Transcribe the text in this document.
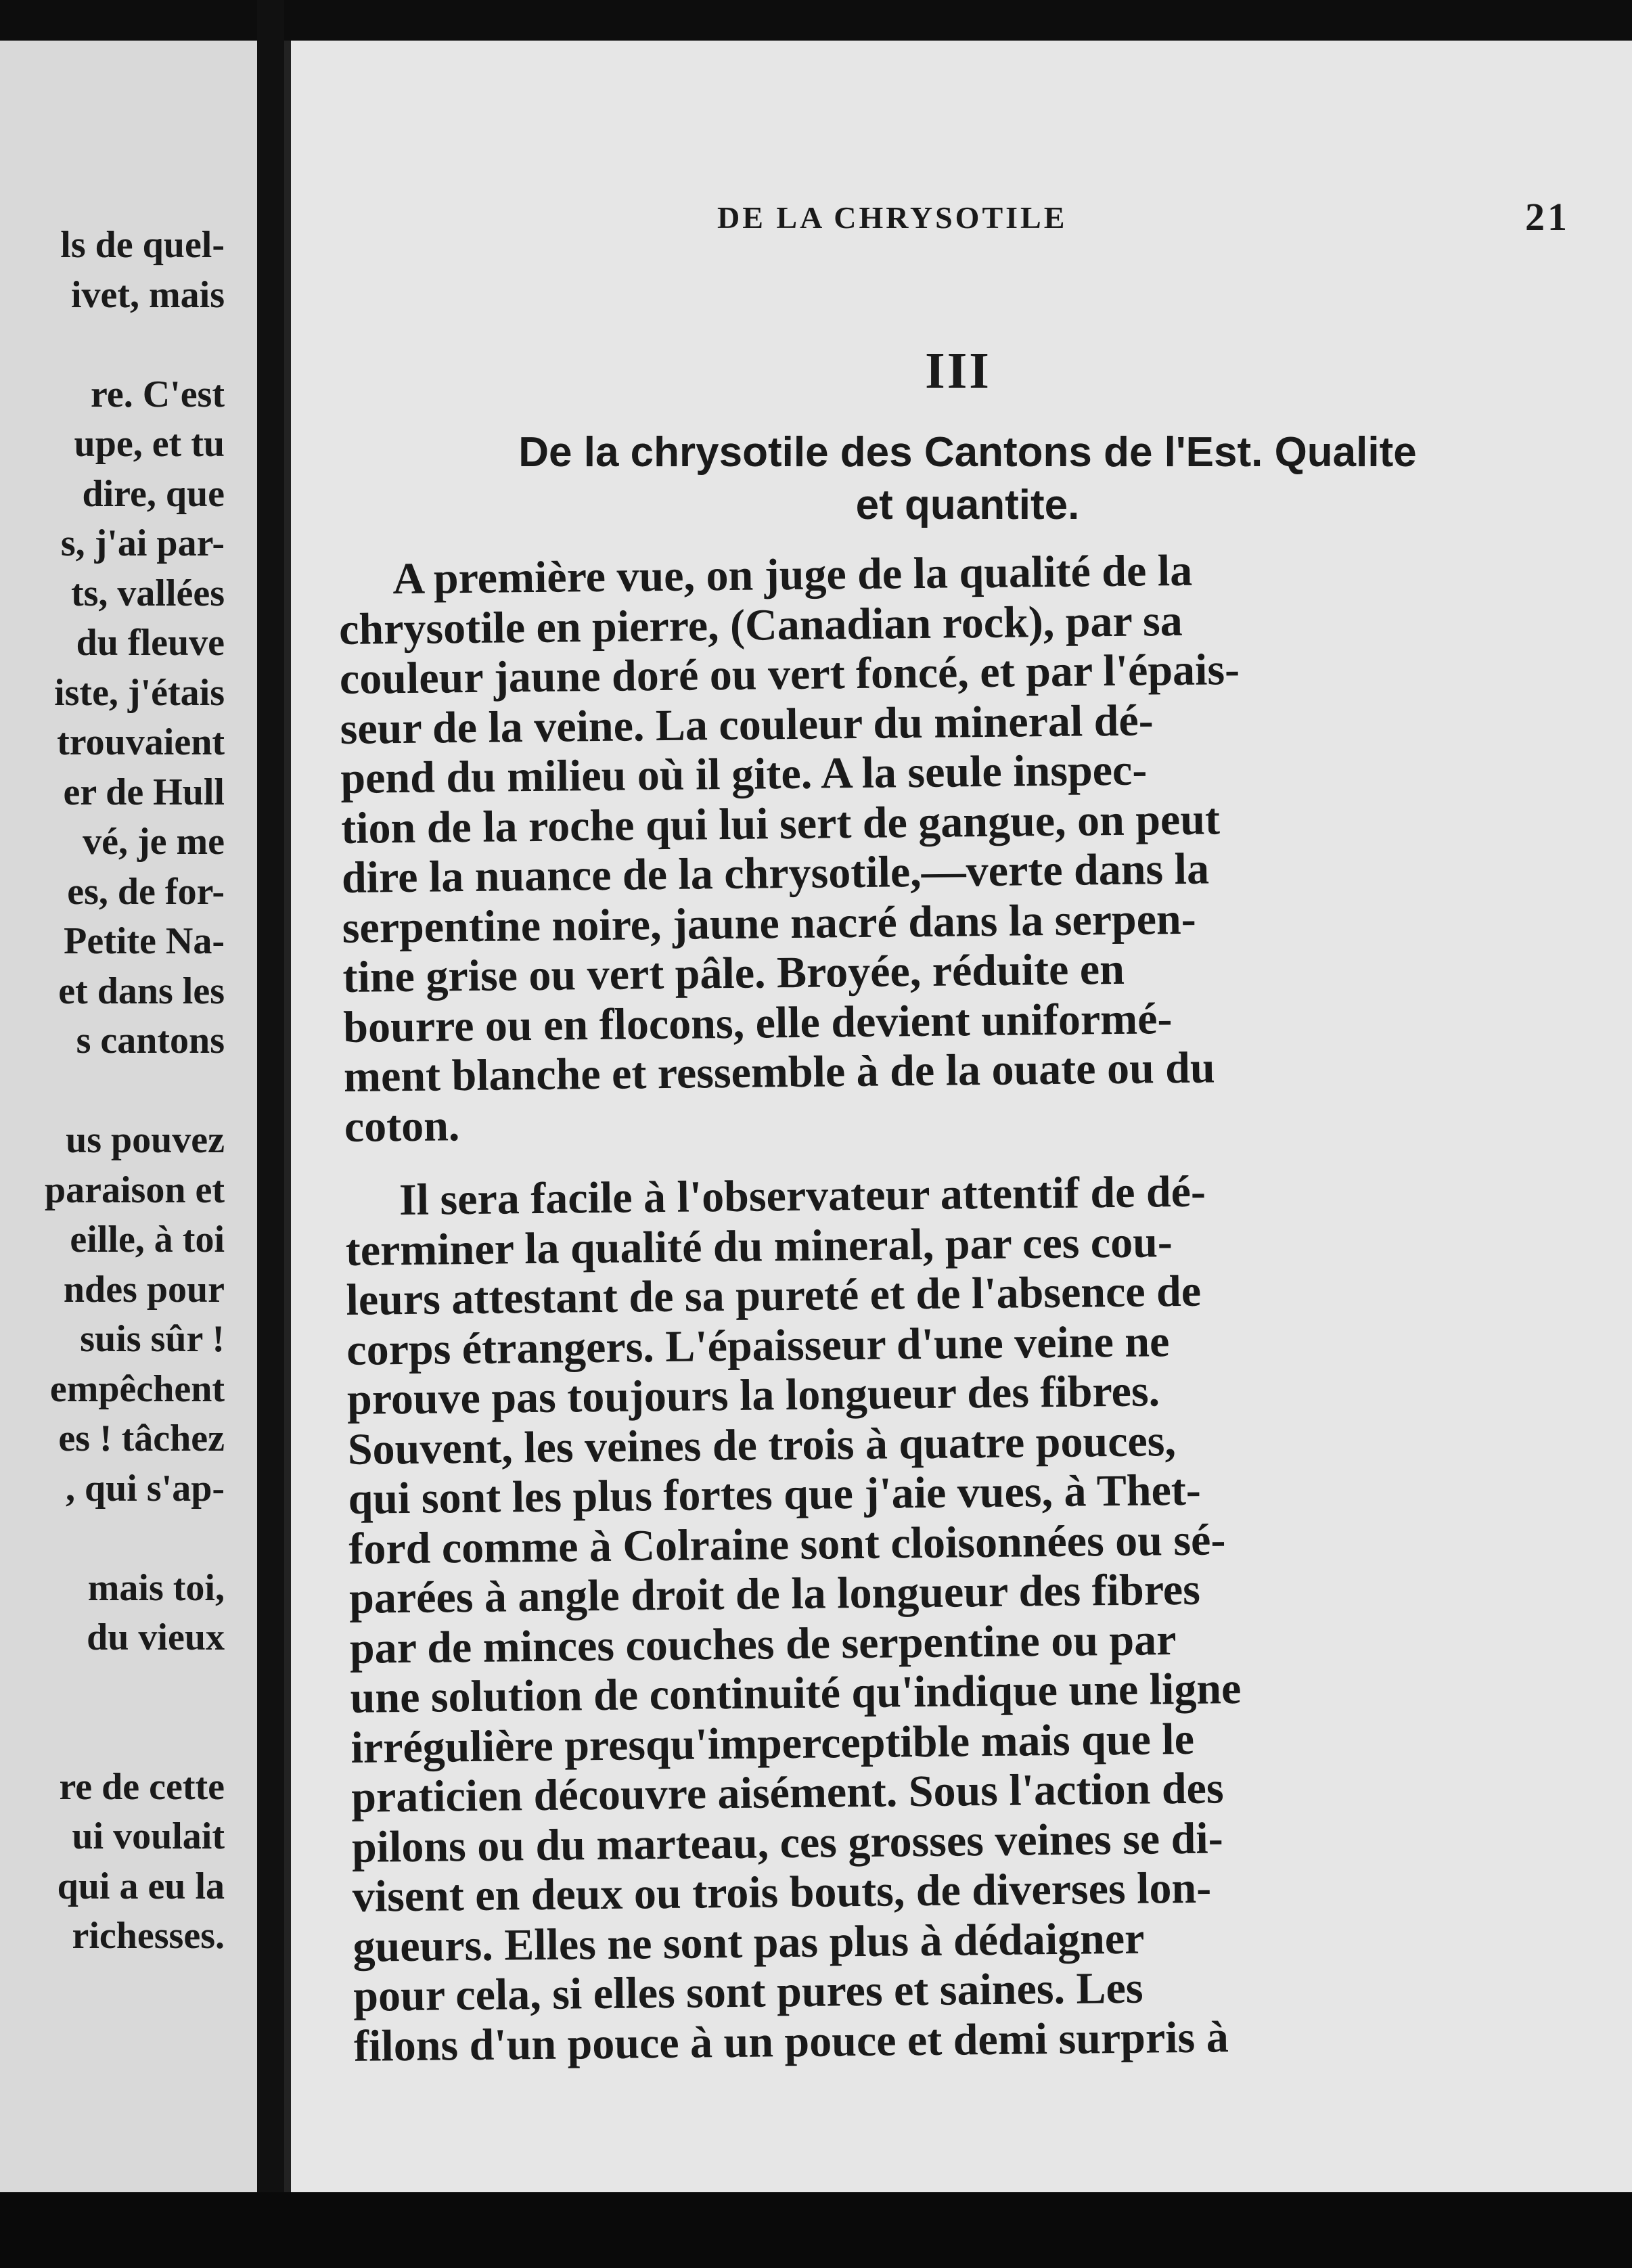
ls de quel-
ivet, mais
re. C'est
upe, et tu
dire, que
s, j'ai par-
ts, vallées
du fleuve
iste, j'étais
trouvaient
er de Hull
vé, je me
es, de for-
Petite Na-
et dans les
s cantons
us pouvez
paraison et
eille, à toi
ndes pour
suis sûr !
empêchent
es ! tâchez
, qui s'ap-
mais toi,
du vieux
re de cette
ui voulait
qui a eu la
richesses.
DE LA CHRYSOTILE	21
III
De la chrysotile des Cantons de l'Est. Qualite
et quantite.
A première vue, on juge de la qualité de la
chrysotile en pierre, (Canadian rock), par sa
couleur jaune doré ou vert foncé, et par l'épais-
seur de la veine. La couleur du mineral dé-
pend du milieu où il gite. A la seule inspec-
tion de la roche qui lui sert de gangue, on peut
dire la nuance de la chrysotile,—verte dans la
serpentine noire, jaune nacré dans la serpen-
tine grise ou vert pâle. Broyée, réduite en
bourre ou en flocons, elle devient uniformé-
ment blanche et ressemble à de la ouate ou du
coton.
Il sera facile à l'observateur attentif de dé-
terminer la qualité du mineral, par ces cou-
leurs attestant de sa pureté et de l'absence de
corps étrangers. L'épaisseur d'une veine ne
prouve pas toujours la longueur des fibres.
Souvent, les veines de trois à quatre pouces,
qui sont les plus fortes que j'aie vues, à Thet-
ford comme à Colraine sont cloisonnées ou sé-
parées à angle droit de la longueur des fibres
par de minces couches de serpentine ou par
une solution de continuité qu'indique une ligne
irrégulière presqu'imperceptible mais que le
praticien découvre aisément. Sous l'action des
pilons ou du marteau, ces grosses veines se di-
visent en deux ou trois bouts, de diverses lon-
gueurs. Elles ne sont pas plus à dédaigner
pour cela, si elles sont pures et saines. Les
filons d'un pouce à un pouce et demi surpris à
